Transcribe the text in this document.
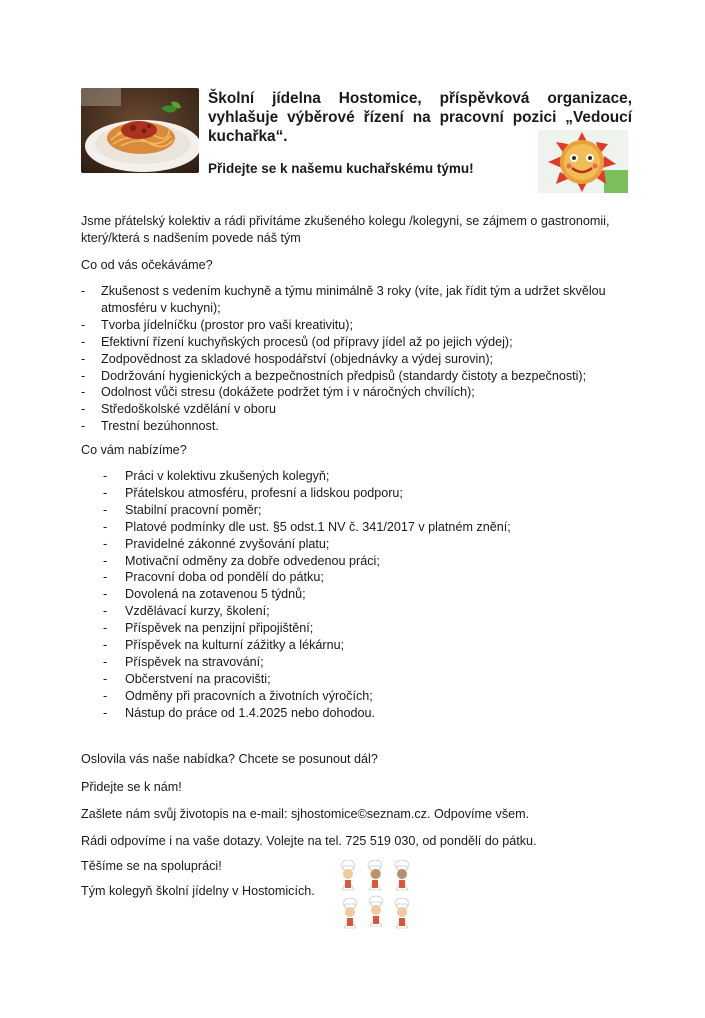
Školní jídelna Hostomice, příspěvková organizace, vyhlašuje výběrové řízení na pracovní pozici „Vedoucí kuchařka“.
Přidejte se k našemu kuchařskému týmu!
Jsme přátelský kolektiv a rádi přivítáme zkušeného kolegu /kolegyni, se zájmem o gastronomii, který/která s nadšením povede náš tým
Co od vás očekáváme?
- Zkušenost s vedením kuchyně a týmu minimálně 3 roky (víte, jak řídit tým a udržet skvělou atmosféru v kuchyni);
- Tvorba jídelníčku (prostor pro vaši kreativitu);
- Efektivní řízení kuchyňských procesů (od přípravy jídel až po jejich výdej);
- Zodpovědnost za skladové hospodářství (objednávky a výdej surovin);
- Dodržování hygienických a bezpečnostních předpisů (standardy čistoty a bezpečnosti);
- Odolnost vůči stresu (dokážete podržet tým i v náročných chvílích);
- Středoškolské vzdělání v oboru
- Trestní bezúhonnost.
Co vám nabízíme?
- Práci v kolektivu zkušených kolegyň;
- Přátelskou atmosféru, profesní a lidskou podporu;
- Stabilní pracovní poměr;
- Platové podmínky dle ust. §5 odst.1 NV č. 341/2017 v platném znění;
- Pravidelné zákonné zvyšování platu;
- Motivační odměny za dobře odvedenou práci;
- Pracovní doba od pondělí do pátku;
- Dovolená na zotavenou 5 týdnů;
- Vzdělávací kurzy, školení;
- Příspěvek na penzijní připojištění;
- Příspěvek na kulturní zážitky a lékárnu;
- Příspěvek na stravování;
- Občerstvení na pracovišti;
- Odměny při pracovních a životních výročích;
- Nástup do práce od 1.4.2025 nebo dohodou.
Oslovila vás naše nabídka? Chcete se posunout dál?
Přidejte se k nám!
Zašlete nám svůj životopis na e-mail: sjhostomice©seznam.cz. Odpovíme všem.
Rádi odpovíme i na vaše dotazy. Volejte na tel. 725 519 030, od pondělí do pátku.
Těšíme se na spolupráci!
Tým kolegyň školní jídelny v Hostomicích.
